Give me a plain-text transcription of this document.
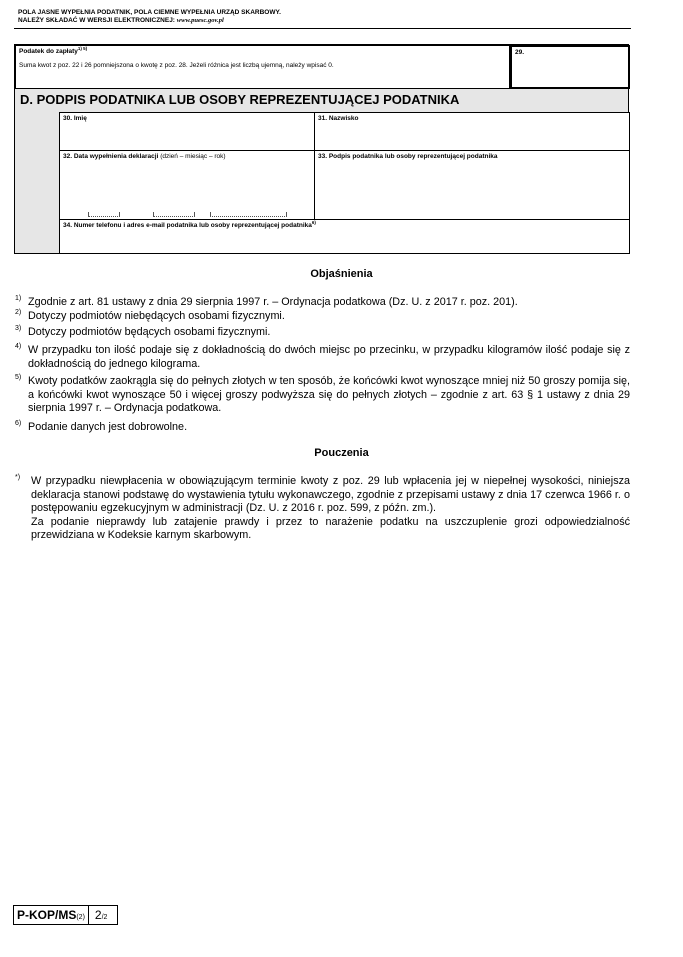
POLA JASNE WYPEŁNIA PODATNIK, POLA CIEMNE WYPEŁNIA URZĄD SKARBOWY.
NALEŻY SKŁADAĆ W WERSJI ELEKTRONICZNEJ: www.puesc.gov.pl
Podatek do zapłaty$^{1) 5)}$
Suma kwot z poz. 22 i 26 pomniejszona o kwotę z poz. 28. Jeżeli różnica jest liczbą ujemną, należy wpisać 0.
29.
D. PODPIS PODATNIKA LUB OSOBY REPREZENTUJĄCEJ PODATNIKA
30. Imię	31. Nazwisko
32. Data wypełnienia deklaracji (dzień – miesiąc – rok)	33. Podpis podatnika lub osoby reprezentującej podatnika
34. Numer telefonu i adres e-mail podatnika lub osoby reprezentującej podatnika$^{6)}$
Objaśnienia
1) Zgodnie z art. 81 ustawy z dnia 29 sierpnia 1997 r. – Ordynacja podatkowa (Dz. U. z 2017 r. poz. 201).
2) Dotyczy podmiotów niebędących osobami fizycznymi.
3) Dotyczy podmiotów będących osobami fizycznymi.
4) W przypadku ton ilość podaje się z dokładnością do dwóch miejsc po przecinku, w przypadku kilogramów ilość podaje się z dokładnością do jednego kilograma.
5) Kwoty podatków zaokrągla się do pełnych złotych w ten sposób, że końcówki kwot wynoszące mniej niż 50 groszy pomija się, a końcówki kwot wynoszące 50 i więcej groszy podwyższa się do pełnych złotych – zgodnie z art. 63 § 1 ustawy z dnia 29 sierpnia 1997 r. – Ordynacja podatkowa.
6) Podanie danych jest dobrowolne.
Pouczenia
*)	W przypadku niewpłacenia w obowiązującym terminie kwoty z poz. 29 lub wpłacenia jej w niepełnej wysokości, niniejsza deklaracja stanowi podstawę do wystawienia tytułu wykonawczego, zgodnie z przepisami ustawy z dnia 17 czerwca 1966 r. o postępowaniu egzekucyjnym w administracji (Dz. U. z 2016 r. poz. 599, z późn. zm.).
Za podanie nieprawdy lub zatajenie prawdy i przez to narażenie podatku na uszczuplenie grozi odpowiedzialność przewidziana w Kodeksie karnym skarbowym.
P-KOP/MS(2) 2/2
